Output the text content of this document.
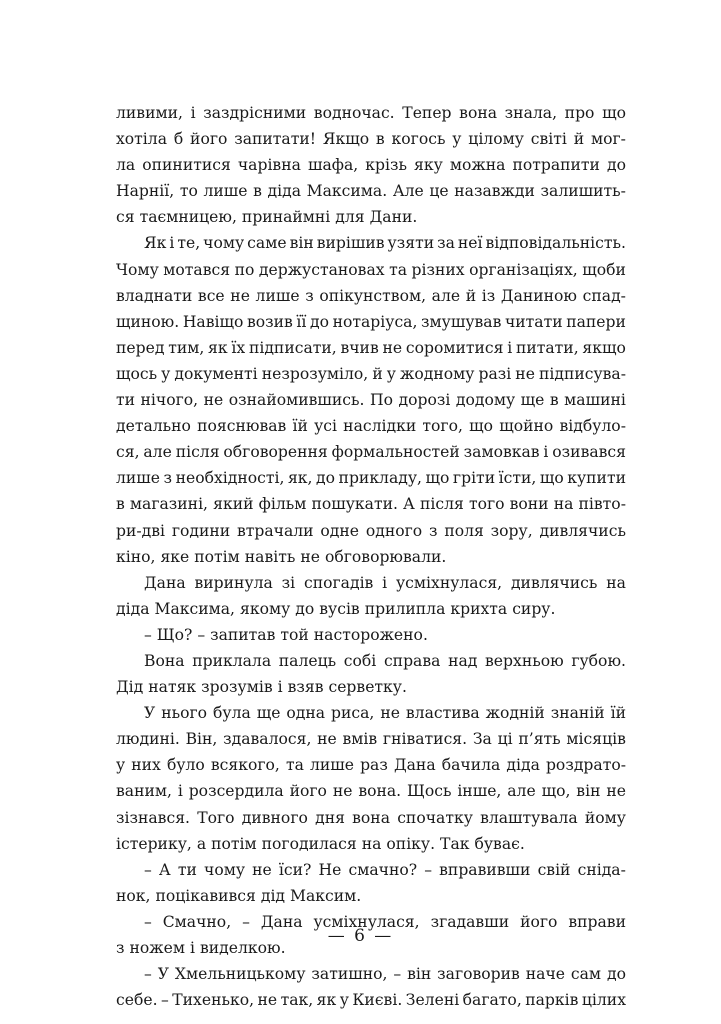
ливими, і заздрісними водночас. Тепер вона знала, про що
хотіла б його запитати! Якщо в когось у цілому світі й мог-
ла опинитися чарівна шафа, крізь яку можна потрапити до
Нарнії, то лише в діда Максима. Але це назавжди залишить-
ся таємницею, принаймні для Дани.
Як і те, чому саме він вирішив узяти за неї відповідальність.
Чому мотався по держустановах та різних організаціях, щоби
владнати все не лише з опікунством, але й із Даниною спад-
щиною. Навіщо возив її до нотаріуса, змушував читати папери
перед тим, як їх підписати, вчив не соромитися і питати, якщо
щось у документі незрозуміло, й у жодному разі не підписува-
ти нічого, не ознайомившись. По дорозі додому ще в машині
детально пояснював їй усі наслідки того, що щойно відбуло-
ся, але після обговорення формальностей замовкав і озивався
лише з необхідності, як, до прикладу, що гріти їсти, що купити
в магазині, який фільм пошукати. А після того вони на півто-
ри-дві години втрачали одне одного з поля зору, дивлячись
кіно, яке потім навіть не обговорювали.
Дана виринула зі спогадів і усміхнулася, дивлячись на
діда Максима, якому до вусів прилипла крихта сиру.
– Що? – запитав той насторожено.
Вона приклала палець собі справа над верхньою губою.
Дід натяк зрозумів і взяв серветку.
У нього була ще одна риса, не властива жодній знаній їй
людині. Він, здавалося, не вмів гніватися. За ці п’ять місяців
у них було всякого, та лише раз Дана бачила діда роздрато-
ваним, і розсердила його не вона. Щось інше, але що, він не
зізнався. Того дивного дня вона спочатку влаштувала йому
істерику, а потім погодилася на опіку. Так буває.
– А ти чому не їси? Не смачно? – вправивши свій снідa-
нок, поцікавився дід Максим.
– Смачно, – Дана усміхнулася, згадавши його вправи
з ножем і виделкою.
– У Хмельницькому затишно, – він заговорив наче сам до
себе. – Тихенько, не так, як у Києві. Зелені багато, парків цілих
— 6 —
